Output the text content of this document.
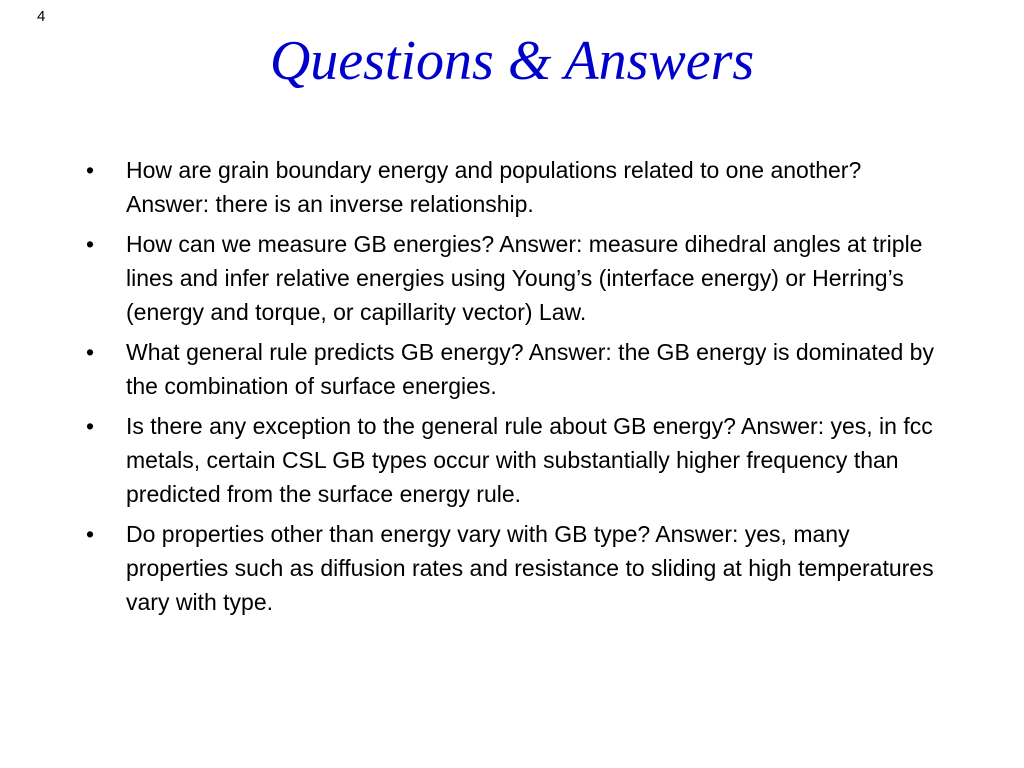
4
Questions & Answers
• How are grain boundary energy and populations related to one another? Answer: there is an inverse relationship.
• How can we measure GB energies? Answer: measure dihedral angles at triple lines and infer relative energies using Young’s (interface energy) or Herring’s (energy and torque, or capillarity vector) Law.
• What general rule predicts GB energy? Answer: the GB energy is dominated by the combination of surface energies.
• Is there any exception to the general rule about GB energy? Answer: yes, in fcc metals, certain CSL GB types occur with substantially higher frequency than predicted from the surface energy rule.
• Do properties other than energy vary with GB type? Answer: yes, many properties such as diffusion rates and resistance to sliding at high temperatures vary with type.
